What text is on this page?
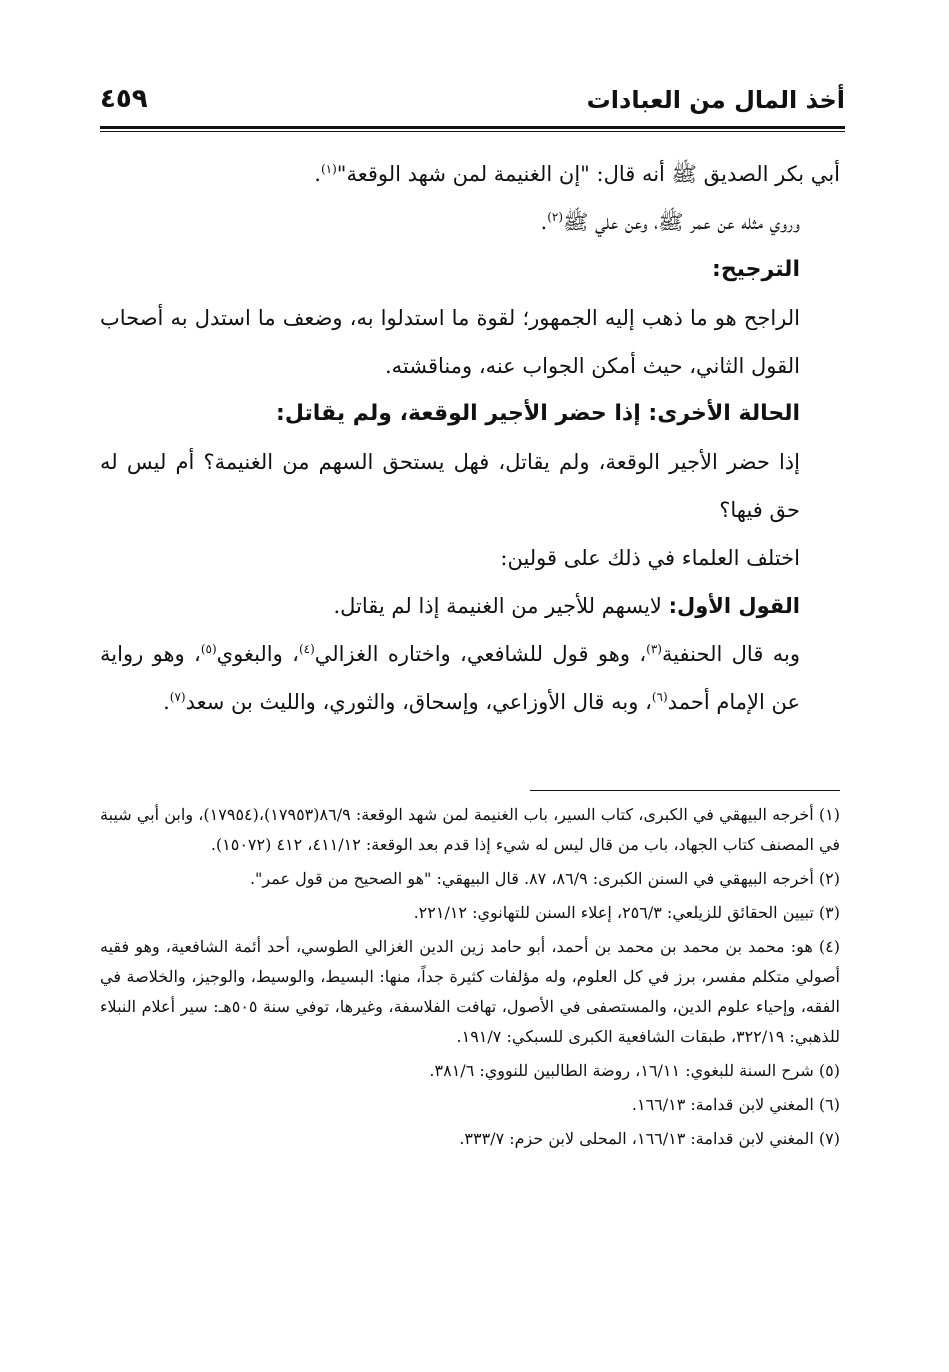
أخذ المال من العبادات
٤٥٩

أبي بكر الصديق ﷺ أنه قال: "إن الغنيمة لمن شهد الوقعة"$^{(١)}$.

وروي مثله عن عمر ﷺ، وعن علي ﷺ$^{(٢)}$.

الترجيح:

الراجح هو ما ذهب إليه الجمهور؛ لقوة ما استدلوا به، وضعف ما استدل به أصحاب القول الثاني، حيث أمكن الجواب عنه، ومناقشته.

الحالة الأخرى: إذا حضر الأجير الوقعة، ولم يقاتل:

إذا حضر الأجير الوقعة، ولم يقاتل، فهل يستحق السهم من الغنيمة؟ أم ليس له حق فيها؟

اختلف العلماء في ذلك على قولين:

القول الأول: لايسهم للأجير من الغنيمة إذا لم يقاتل.

وبه قال الحنفية$^{(٣)}$، وهو قول للشافعي، واختاره الغزالي$^{(٤)}$، والبغوي$^{(٥)}$، وهو رواية عن الإمام أحمد$^{(٦)}$، وبه قال الأوزاعي، وإسحاق، والثوري، والليث بن سعد$^{(٧)}$.

(١) أخرجه البيهقي في الكبرى، كتاب السير، باب الغنيمة لمن شهد الوقعة: ٨٦/٩(١٧٩٥٣)،(١٧٩٥٤)، وابن أبي شيبة في المصنف كتاب الجهاد، باب من قال ليس له شيء إذا قدم بعد الوقعة: ٤١١/١٢، ٤١٢ (١٥٠٧٢).

(٢) أخرجه البيهقي في السنن الكبرى: ٨٦/٩، ٨٧. قال البيهقي: "هو الصحيح من قول عمر".

(٣) تبيين الحقائق للزيلعي: ٢٥٦/٣، إعلاء السنن للتهانوي: ٢٢١/١٢.

(٤) هو: محمد بن محمد بن محمد بن أحمد، أبو حامد زين الدين الغزالي الطوسي، أحد أئمة الشافعية، وهو فقيه أصولي متكلم مفسر، برز في كل العلوم، وله مؤلفات كثيرة جداً، منها: البسيط، والوسيط، والوجيز، والخلاصة في الفقه، وإحياء علوم الدين، والمستصفى في الأصول، تهافت الفلاسفة، وغيرها، توفي سنة ٥٠٥هـ: سير أعلام النبلاء للذهبي: ٣٢٢/١٩، طبقات الشافعية الكبرى للسبكي: ١٩١/٧.

(٥) شرح السنة للبغوي: ١٦/١١، روضة الطالبين للنووي: ٣٨١/٦.

(٦) المغني لابن قدامة: ١٦٦/١٣.

(٧) المغني لابن قدامة: ١٦٦/١٣، المحلى لابن حزم: ٣٣٣/٧.
